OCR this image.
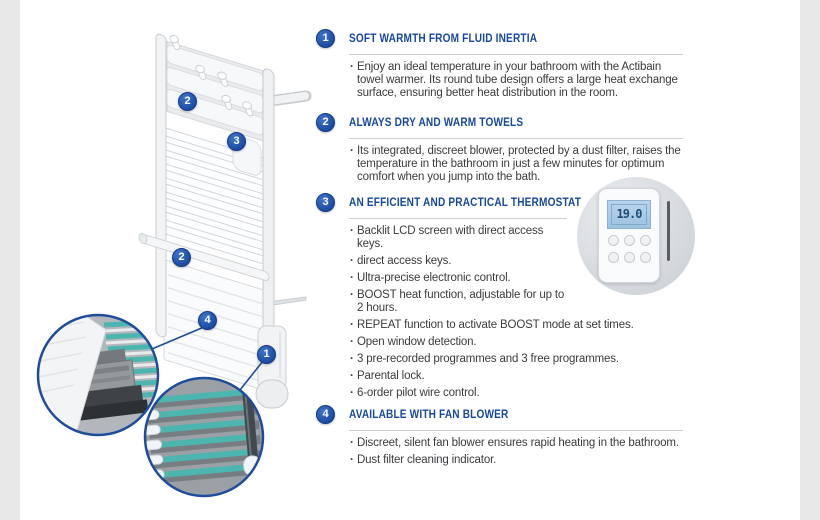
2
3
2
4
1
1	SOFT WARMTH FROM FLUID INERTIA
· Enjoy an ideal temperature in your bathroom with the Actibain towel warmer. Its round tube design offers a large heat exchange surface, ensuring better heat distribution in the room.
2	ALWAYS DRY AND WARM TOWELS
· Its integrated, discreet blower, protected by a dust filter, raises the temperature in the bathroom in just a few minutes for optimum comfort when you jump into the bath.
3	AN EFFICIENT AND PRACTICAL THERMOSTAT
19.0
· Backlit LCD screen with direct access keys.
· direct access keys.
· Ultra-precise electronic control.
· BOOST heat function, adjustable for up to 2 hours.
· REPEAT function to activate BOOST mode at set times.
· Open window detection.
· 3 pre-recorded programmes and 3 free programmes.
· Parental lock.
· 6-order pilot wire control.
4	AVAILABLE WITH FAN BLOWER
· Discreet, silent fan blower ensures rapid heating in the bathroom.
· Dust filter cleaning indicator.
